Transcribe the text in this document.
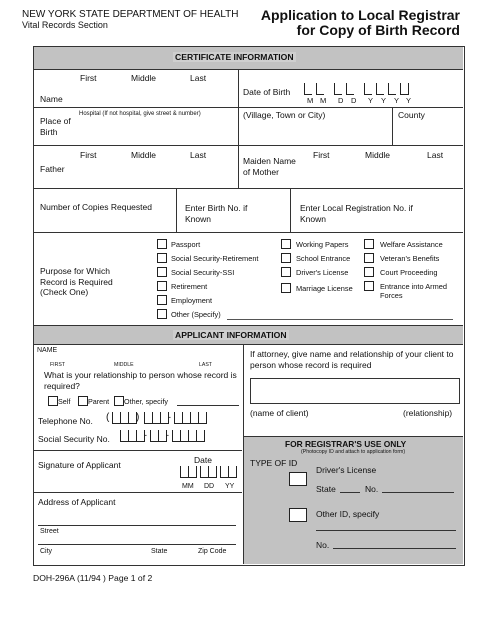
NEW YORK STATE DEPARTMENT OF HEALTH
Vital Records Section
Application to Local Registrar
for Copy of Birth Record
CERTIFICATE INFORMATION
First	Middle	Last
Name
Date of Birth
M M D D Y Y Y Y
Place of Birth
Hospital (If not hospital, give street & number)	(Village, Town or City)	County
First	Middle	Last
Father
Maiden Name of Mother
First	Middle	Last
Number of Copies Requested	Enter Birth No. if Known
Enter Local Registration No. if Known
Purpose for Which Record is Required (Check One)
Passport
Social Security-Retirement
Social Security-SSI
Retirement
Employment
Other (Specify)
Working Papers
School Entrance
Driver's License
Marriage License
Welfare Assistance
Veteran's Benefits
Court Proceeding
Entrance into Armed Forces
APPLICANT INFORMATION
NAME
FIRST	MIDDLE	LAST
What is your relationship to person whose record is required?
Self Parent Other, specify
Telephone No. (	)	-
Social Security No.	- -
Signature of Applicant	Date
MM DD YY
Address of Applicant
Street
City	State	Zip Code
If attorney, give name and relationship of your client to person whose record is required
(name of client)	(relationship)
FOR REGISTRAR'S USE ONLY
(Photocopy ID and attach to application form)
TYPE OF ID
Driver's License
State	No.
Other ID, specify
No.
DOH-296A (11/94 ) Page 1 of 2
